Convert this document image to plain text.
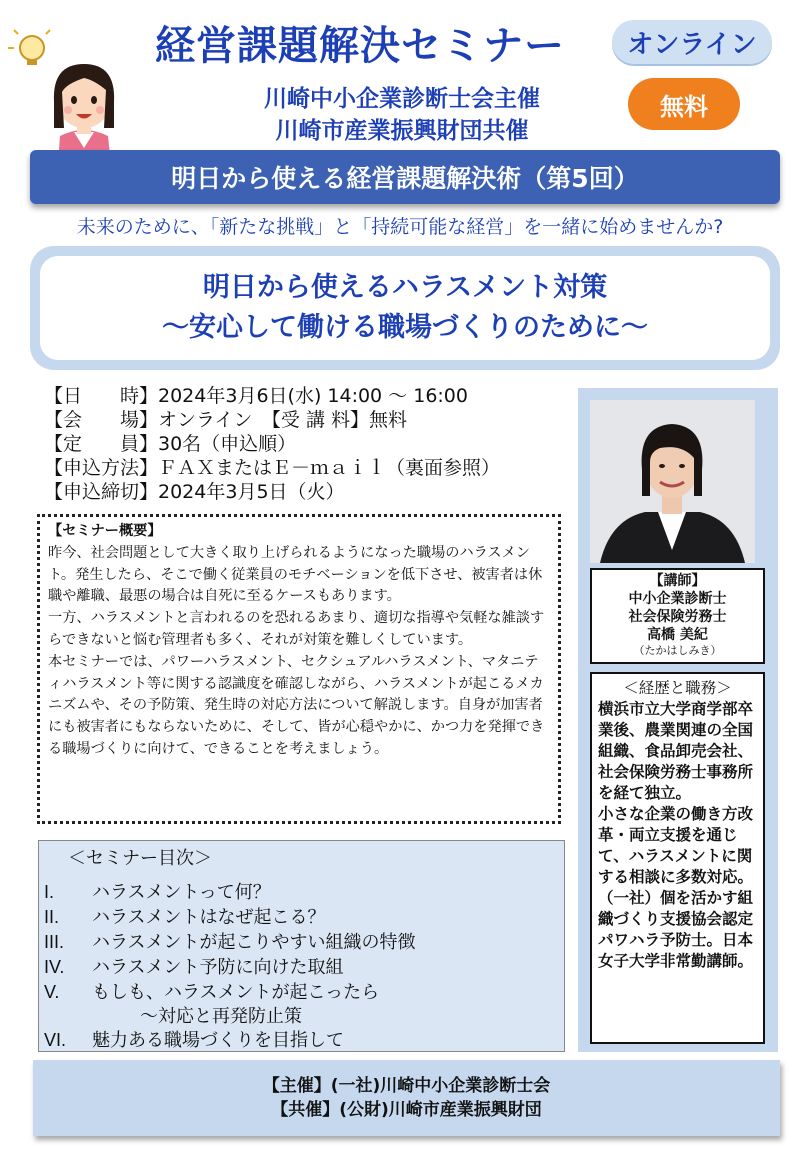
経営課題解決セミナー	オンライン
無料
川崎中小企業診断士会主催
川崎市産業振興財団共催
明日から使える経営課題解決術（第5回）
未来のために、「新たな挑戦」と「持続可能な経営」を一緒に始めませんか?
明日から使えるハラスメント対策
～安心して働ける職場づくりのために～
【日　　時】2024年3月6日(水) 14:00 ～ 16:00
【会　　場】オンライン　【受 講 料】無料
【定　　員】30名（申込順）
【申込方法】ＦＡＸまたはＥ－ｍａｉｌ（裏面参照）
【申込締切】2024年3月5日（火）
【セミナー概要】
昨今、社会問題として大きく取り上げられるようになった職場のハラスメント。発生したら、そこで働く従業員のモチベーションを低下させ、被害者は休職や離職、最悪の場合は自死に至るケースもあります。
一方、ハラスメントと言われるのを恐れるあまり、適切な指導や気軽な雑談すらできないと悩む管理者も多く、それが対策を難しくしています。
本セミナーでは、パワーハラスメント、セクシュアルハラスメント、マタニティハラスメント等に関する認識度を確認しながら、ハラスメントが起こるメカニズムや、その予防策、発生時の対応方法について解説します。自身が加害者にも被害者にもならないために、そして、皆が心穏やかに、かつ力を発揮できる職場づくりに向けて、できることを考えましょう。
＜セミナー目次＞
I. ハラスメントって何？
II. ハラスメントはなぜ起こる？
III. ハラスメントが起こりやすい組織の特徴
IV. ハラスメント予防に向けた取組
V. もしも、ハラスメントが起こったら
～対応と再発防止策
VI. 魅力ある職場づくりを目指して
【講師】
中小企業診断士
社会保険労務士
高橋 美紀
（たかはしみき）
＜経歴と職務＞
横浜市立大学商学部卒業後、農業関連の全国組織、食品卸売会社、社会保険労務士事務所を経て独立。
小さな企業の働き方改革・両立支援を通じて、ハラスメントに関する相談に多数対応。
（一社）個を活かす組織づくり支援協会認定パワハラ予防士。日本女子大学非常勤講師。
【主催】(一社)川崎中小企業診断士会
【共催】(公財)川崎市産業振興財団
